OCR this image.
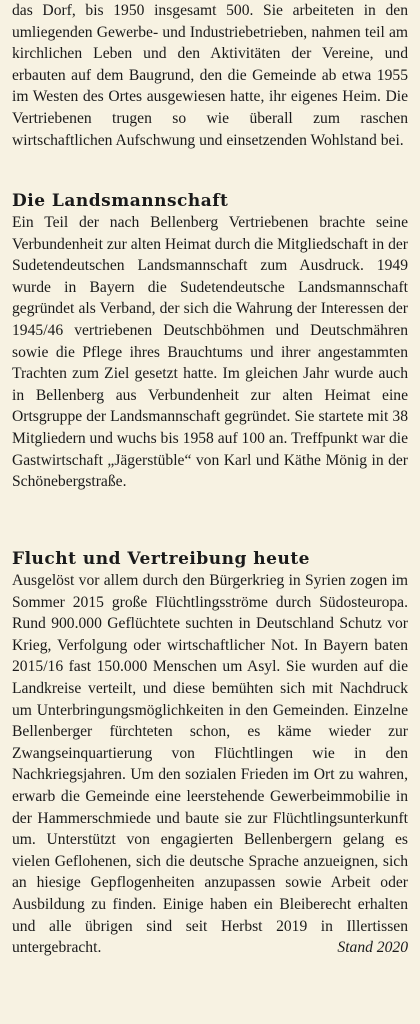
das Dorf, bis 1950 insgesamt 500. Sie arbeiteten in den umliegenden Gewerbe- und Industriebetrieben, nahmen teil am kirchlichen Leben und den Aktivitäten der Vereine, und erbauten auf dem Baugrund, den die Gemeinde ab etwa 1955 im Westen des Ortes ausgewiesen hatte, ihr eigenes Heim. Die Vertriebenen trugen so wie überall zum raschen wirtschaftlichen Aufschwung und einsetzenden Wohlstand bei.

Die Landsmannschaft

Ein Teil der nach Bellenberg Vertriebenen brachte seine Verbundenheit zur alten Heimat durch die Mitgliedschaft in der Sudetendeutschen Landsmannschaft zum Ausdruck. 1949 wurde in Bayern die Sudetendeutsche Landsmannschaft gegründet als Verband, der sich die Wahrung der Interessen der 1945/46 vertriebenen Deutschböhmen und Deutschmähren sowie die Pflege ihres Brauchtums und ihrer angestammten Trachten zum Ziel gesetzt hatte. Im gleichen Jahr wurde auch in Bellenberg aus Verbundenheit zur alten Heimat eine Ortsgruppe der Landsmannschaft gegründet. Sie startete mit 38 Mitgliedern und wuchs bis 1958 auf 100 an. Treffpunkt war die Gastwirtschaft „Jägerstüble“ von Karl und Käthe Mönig in der Schönebergstraße.

Flucht und Vertreibung heute

Ausgelöst vor allem durch den Bürgerkrieg in Syrien zogen im Sommer 2015 große Flüchtlingsströme durch Südosteuropa. Rund 900.000 Geflüchtete suchten in Deutschland Schutz vor Krieg, Verfolgung oder wirtschaftlicher Not. In Bayern baten 2015/16 fast 150.000 Menschen um Asyl. Sie wurden auf die Landkreise verteilt, und diese bemühten sich mit Nachdruck um Unterbringungsmöglichkeiten in den Gemeinden. Einzelne Bellenberger fürchteten schon, es käme wieder zur Zwangseinquartierung von Flüchtlingen wie in den Nachkriegsjahren. Um den sozialen Frieden im Ort zu wahren, erwarb die Gemeinde eine leerstehende Gewerbeimmobilie in der Hammerschmiede und baute sie zur Flüchtlingsunterkunft um. Unterstützt von engagierten Bellenbergern gelang es vielen Geflohenen, sich die deutsche Sprache anzueignen, sich an hiesige Gepflogenheiten anzupassen sowie Arbeit oder Ausbildung zu finden. Einige haben ein Bleiberecht erhalten und alle übrigen sind seit Herbst 2019 in Illertissen untergebracht.	Stand 2020
